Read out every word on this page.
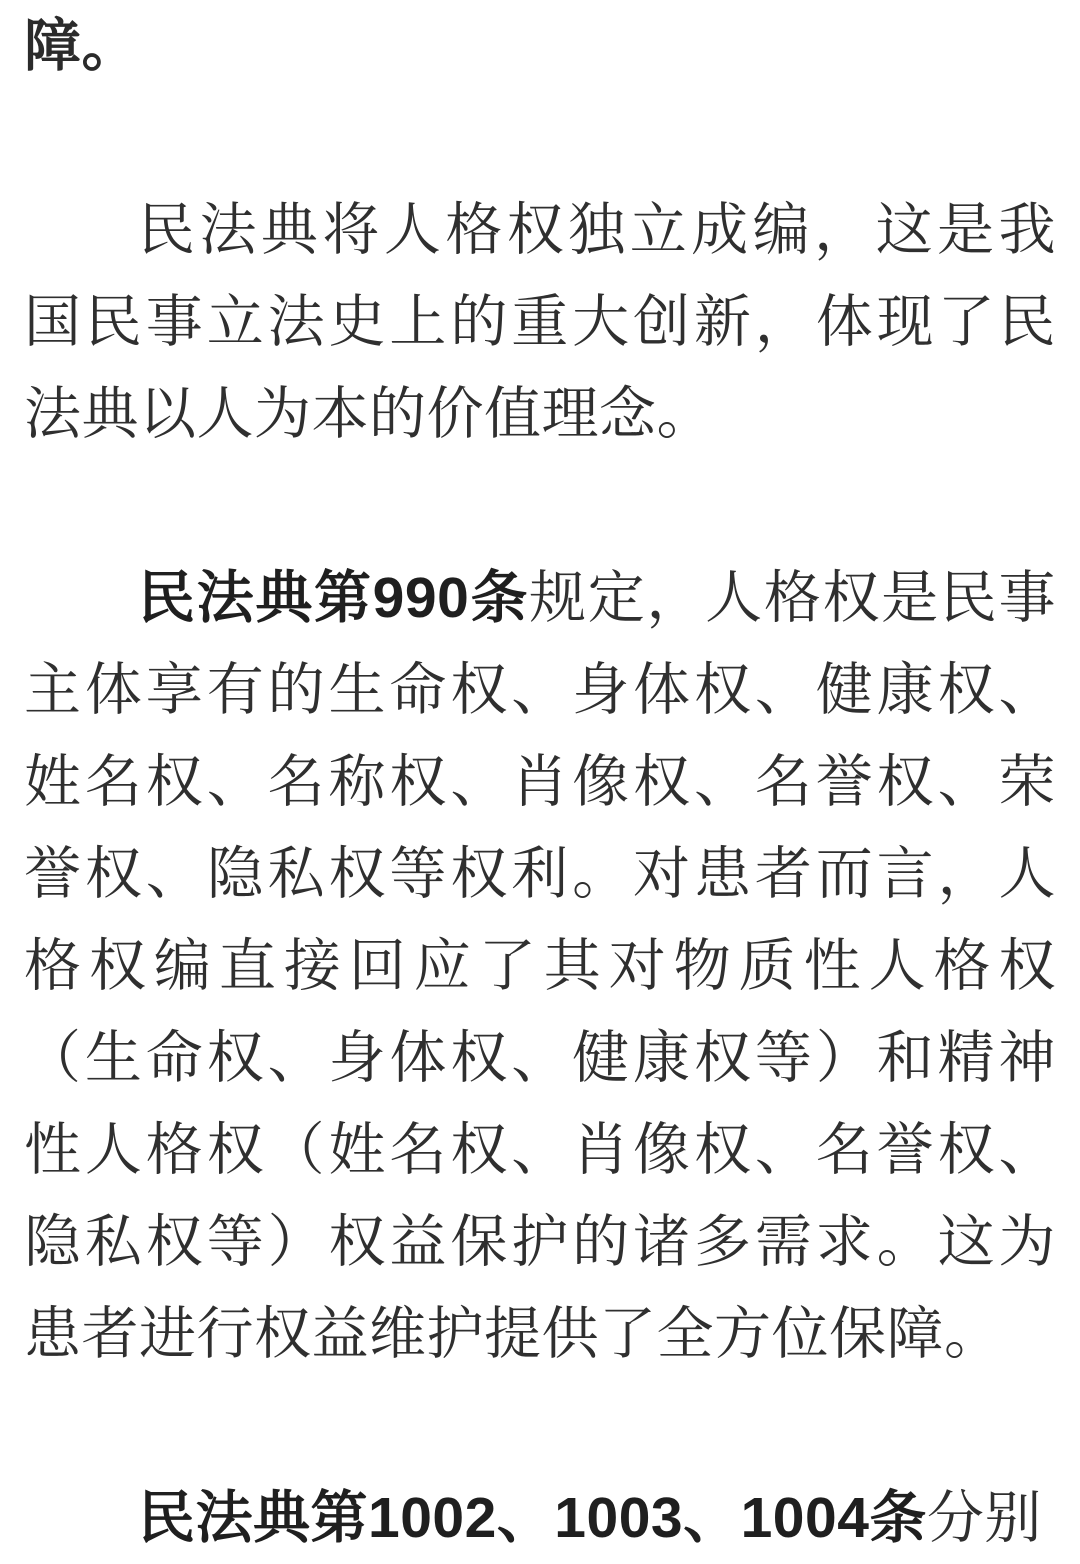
障。

民法典将人格权独立成编，这是我国民事立法史上的重大创新，体现了民法典以人为本的价值理念。

民法典第990条规定，人格权是民事主体享有的生命权、身体权、健康权、姓名权、名称权、肖像权、名誉权、荣誉权、隐私权等权利。对患者而言，人格权编直接回应了其对物质性人格权（生命权、身体权、健康权等）和精神性人格权（姓名权、肖像权、名誉权、隐私权等）权益保护的诸多需求。这为患者进行权益维护提供了全方位保障。

民法典第1002、1003、1004条分别
